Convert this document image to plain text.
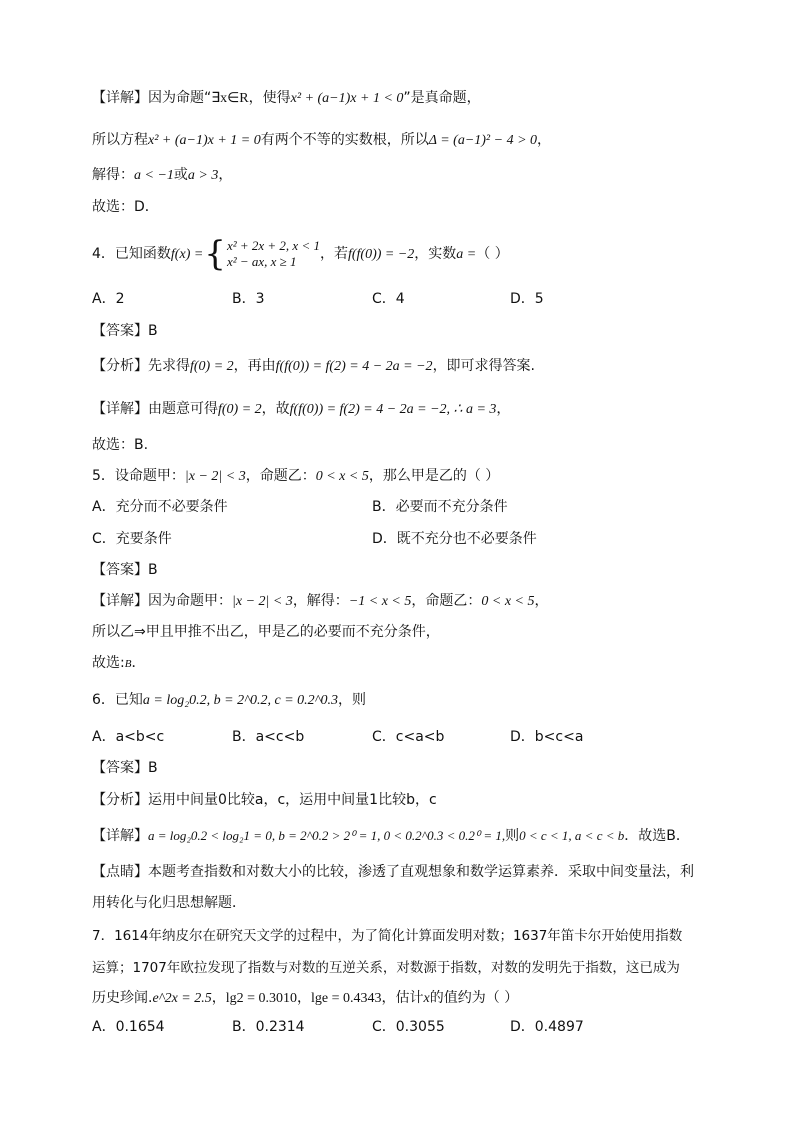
【详解】因为命题“∃x∈R，使得x² + (a−1)x + 1 < 0”是真命题，
所以方程x² + (a−1)x + 1 = 0有两个不等的实数根，所以Δ = (a−1)² − 4 > 0，
解得：a < −1或a > 3，
故选：D．
4．已知函数f(x) ={ x² + 2x + 2, x < 1
x² − ax, x ≥ 1	，若f(f(0)) = −2，实数a =（ ）
A．2	B．3	C．4	D．5
【答案】B
【分析】先求得f(0) = 2，再由f(f(0)) = f(2) = 4 − 2a = −2，即可求得答案.
【详解】由题意可得f(0) = 2，故f(f(0)) = f(2) = 4 − 2a = −2, ∴ a = 3，
故选：B.
5．设命题甲：|x − 2| < 3，命题乙：0 < x < 5，那么甲是乙的（ ）
A．充分而不必要条件	B．必要而不充分条件
C．充要条件	D．既不充分也不必要条件
【答案】B
【详解】因为命题甲：|x − 2| < 3，解得：−1 < x < 5，命题乙：0 < x < 5，
所以乙⇒甲且甲推不出乙，甲是乙的必要而不充分条件，
故选:B．
6．已知a = log₂0.2, b = 2^0.2, c = 0.2^0.3，则
A．a<b<c	B．a<c<b	C．c<a<b	D．b<c<a
【答案】B
【分析】运用中间量0比较a，c，运用中间量1比较b，c
【详解】a = log₂0.2 < log₂1 = 0, b = 2^0.2 > 2⁰ = 1, 0 < 0.2^0.3 < 0.2⁰ = 1,则0 < c < 1, a < c < b．故选B．
【点睛】本题考查指数和对数大小的比较，渗透了直观想象和数学运算素养．采取中间变量法，利
用转化与化归思想解题．
7．1614年纳皮尔在研究天文学的过程中，为了简化计算面发明对数；1637年笛卡尔开始使用指数
运算；1707年欧拉发现了指数与对数的互逆关系，对数源于指数，对数的发明先于指数，这已成为
历史珍闻.e^2x = 2.5，lg2 = 0.3010，lge = 0.4343，估计x的值约为（ ）
A．0.1654	B．0.2314	C．0.3055	D．0.4897
